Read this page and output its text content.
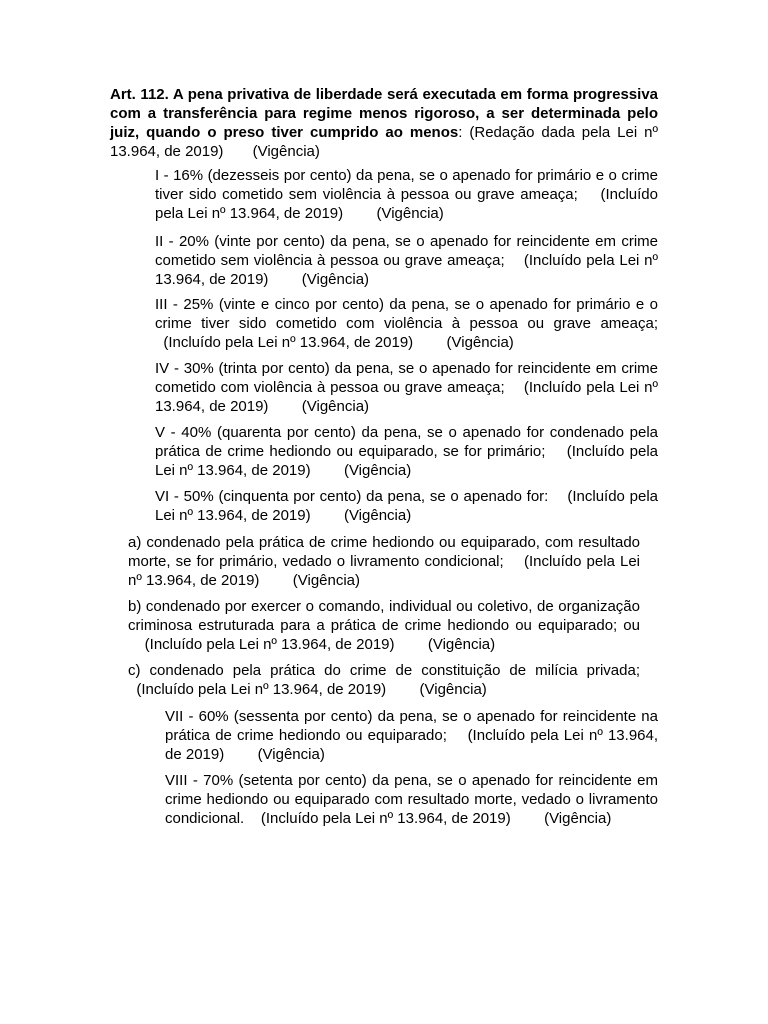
Art. 112. A pena privativa de liberdade será executada em forma progressiva com a transferência para regime menos rigoroso, a ser determinada pelo juiz, quando o preso tiver cumprido ao menos: (Redação dada pela Lei nº 13.964, de 2019) (Vigência)

I - 16% (dezesseis por cento) da pena, se o apenado for primário e o crime tiver sido cometido sem violência à pessoa ou grave ameaça; (Incluído pela Lei nº 13.964, de 2019) (Vigência)

II - 20% (vinte por cento) da pena, se o apenado for reincidente em crime cometido sem violência à pessoa ou grave ameaça; (Incluído pela Lei nº 13.964, de 2019) (Vigência)

III - 25% (vinte e cinco por cento) da pena, se o apenado for primário e o crime tiver sido cometido com violência à pessoa ou grave ameaça;  (Incluído pela Lei nº 13.964, de 2019) (Vigência)

IV - 30% (trinta por cento) da pena, se o apenado for reincidente em crime cometido com violência à pessoa ou grave ameaça; (Incluído pela Lei nº 13.964, de 2019) (Vigência)

V - 40% (quarenta por cento) da pena, se o apenado for condenado pela prática de crime hediondo ou equiparado, se for primário; (Incluído pela Lei nº 13.964, de 2019) (Vigência)

VI - 50% (cinquenta por cento) da pena, se o apenado for: (Incluído pela Lei nº 13.964, de 2019) (Vigência)

a) condenado pela prática de crime hediondo ou equiparado, com resultado morte, se for primário, vedado o livramento condicional; (Incluído pela Lei nº 13.964, de 2019) (Vigência)

b) condenado por exercer o comando, individual ou coletivo, de organização criminosa estruturada para a prática de crime hediondo ou equiparado; ou    (Incluído pela Lei nº 13.964, de 2019) (Vigência)

c) condenado pela prática do crime de constituição de milícia privada;  (Incluído pela Lei nº 13.964, de 2019) (Vigência)

VII - 60% (sessenta por cento) da pena, se o apenado for reincidente na prática de crime hediondo ou equiparado; (Incluído pela Lei nº 13.964, de 2019) (Vigência)

VIII - 70% (setenta por cento) da pena, se o apenado for reincidente em crime hediondo ou equiparado com resultado morte, vedado o livramento condicional. (Incluído pela Lei nº 13.964, de 2019) (Vigência)
